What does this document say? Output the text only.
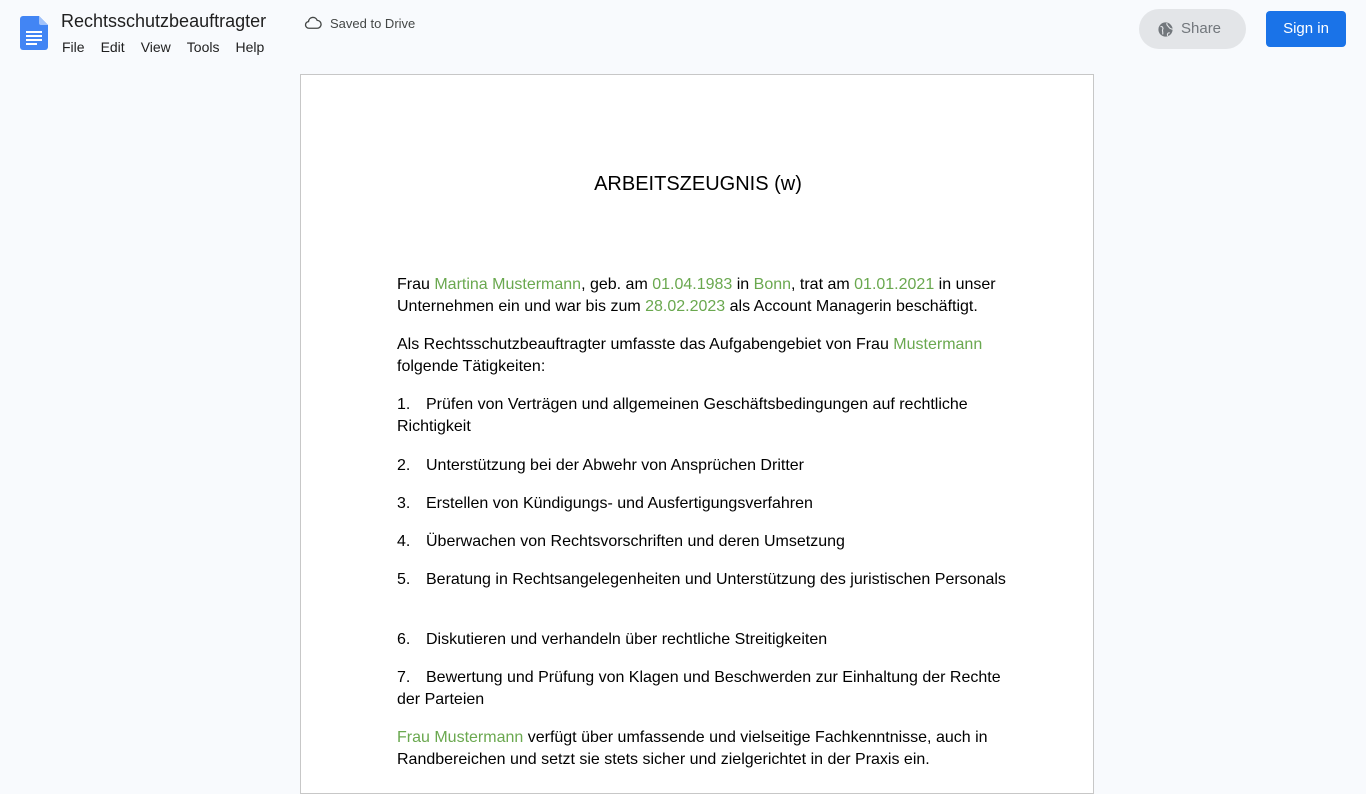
Rechtsschutzbeauftragter	Saved to Drive
File	Edit	View	Tools	Help
Share	Sign in
ARBEITSZEUGNIS (w)
Frau Martina Mustermann, geb. am 01.04.1983 in Bonn, trat am 01.01.2021 in unser Unternehmen ein und war bis zum 28.02.2023 als Account Managerin beschäftigt.
Als Rechtsschutzbeauftragter umfasste das Aufgabengebiet von Frau Mustermann folgende Tätigkeiten:
1. Prüfen von Verträgen und allgemeinen Geschäftsbedingungen auf rechtliche Richtigkeit
2. Unterstützung bei der Abwehr von Ansprüchen Dritter
3. Erstellen von Kündigungs- und Ausfertigungsverfahren
4. Überwachen von Rechtsvorschriften und deren Umsetzung
5. Beratung in Rechtsangelegenheiten und Unterstützung des juristischen Personals
6. Diskutieren und verhandeln über rechtliche Streitigkeiten
7. Bewertung und Prüfung von Klagen und Beschwerden zur Einhaltung der Rechte der Parteien
Frau Mustermann verfügt über umfassende und vielseitige Fachkenntnisse, auch in Randbereichen und setzt sie stets sicher und zielgerichtet in der Praxis ein.
